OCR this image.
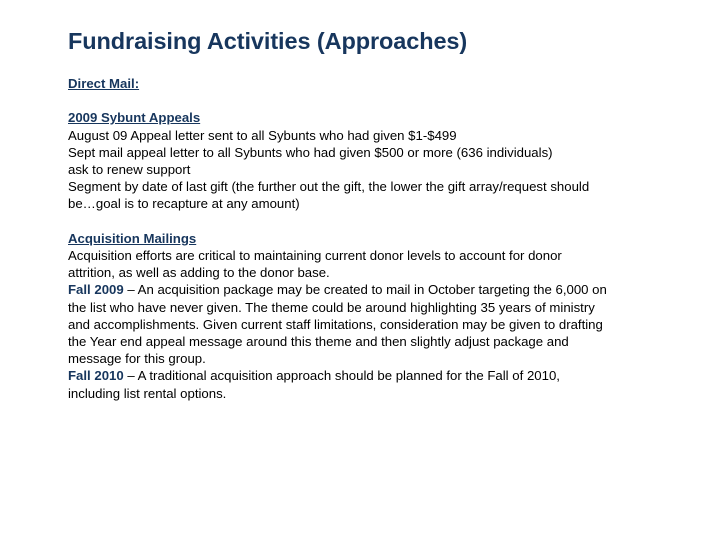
Fundraising Activities (Approaches)

Direct Mail:

2009 Sybunt Appeals

August 09 Appeal letter sent to all Sybunts who had given $1-$499

Sept mail appeal letter to all Sybunts who had given $500 or more (636 individuals)

ask to renew support

Segment by date of last gift (the further out the gift, the lower the gift array/request should

be…goal is to recapture at any amount)

Acquisition Mailings

Acquisition efforts are critical to maintaining current donor levels to account for donor

attrition, as well as adding to the donor base.

Fall 2009 – An acquisition package may be created to mail in October targeting the 6,000 on

the list who have never given. The theme could be around highlighting 35 years of ministry

and accomplishments. Given current staff limitations, consideration may be given to drafting

the Year end appeal message around this theme and then slightly adjust package and

message for this group.

Fall 2010 – A traditional acquisition approach should be planned for the Fall of 2010,

including list rental options.
